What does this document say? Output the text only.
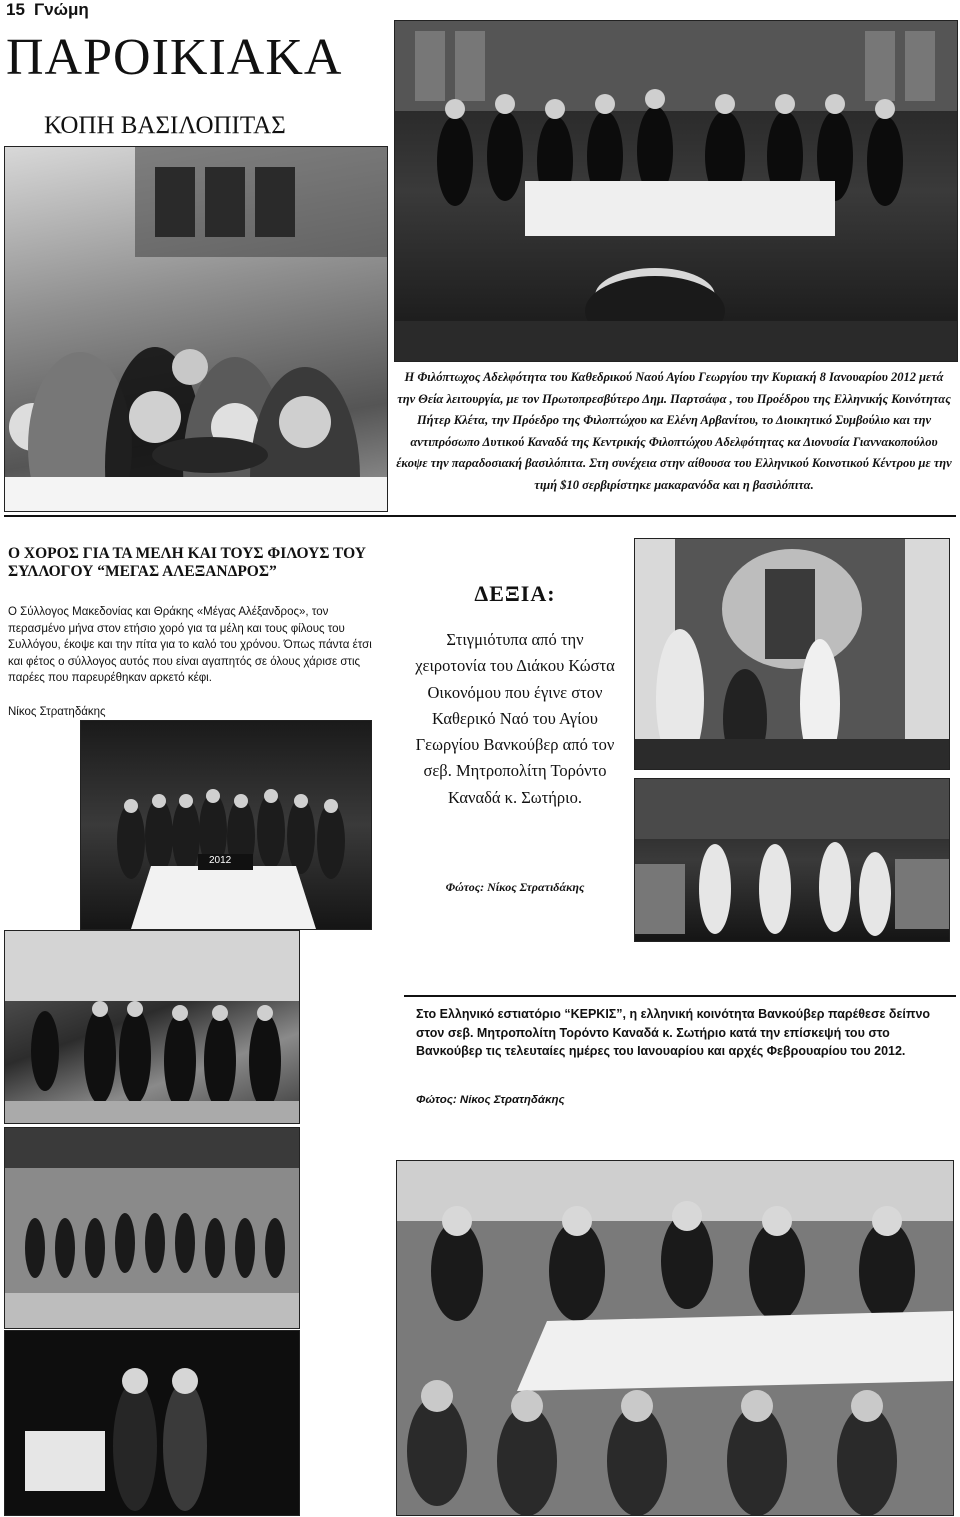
15 Γνώμη
ΠΑΡΟΙΚΙΑΚΑ
ΚΟΠΗ ΒΑΣΙΛΟΠΙΤΑΣ
Η Φιλόπτωχος Αδελφότητα του Καθεδρικού Ναού Αγίου Γεωργίου την Κυριακή 8 Ιανουαρίου 2012 μετά την Θεία λειτουργία, με τον Πρωτοπρεσβύτερο Δημ. Παρτσάφα , του Προέδρου της Ελληνικής Κοινότητας Πήτερ Κλέτα, την Πρόεδρο της Φιλοπτώχου κα Ελένη Αρβανίτου, το Διοικητικό Συμβούλιο και την αντιπρόσωπο Δυτικού Καναδά της Κεντρικής Φιλοπτώχου Αδελφότητας κα Διονυσία Γιαννακοπούλου έκοψε την παραδοσιακή βασιλόπιτα. Στη συνέχεια στην αίθουσα του Ελληνικού Κοινοτικού Κέντρου με την τιμή $10 σερβιρίστηκε μακαρανόδα και η βασιλόπιτα.
Ο ΧΟΡΟΣ ΓΙΑ ΤΑ ΜΕΛΗ ΚΑΙ ΤΟΥΣ ΦΙΛΟΥΣ ΤΟΥ ΣΥΛΛΟΓΟΥ “ΜΕΓΑΣ ΑΛΕΞΑΝΔΡΟΣ”
Ο Σύλλογος Μακεδονίας και Θράκης «Μέγας Αλέξανδρος», τον περασμένο μήνα στον ετήσιο χορό για τα μέλη και τους φίλους του Συλλόγου, έκοψε και την πίτα για το καλό του χρόνου. Όπως πάντα έτσι και φέτος ο σύλλογος αυτός που είναι αγαπητός σε όλους χάρισε στις παρέες που παρευρέθηκαν αρκετό κέφι.
Νίκος Στρατηδάκης
2012
ΔΕΞΙΑ:
Στιγμιότυπα από την χειροτονία του Διάκου Κώστα Οικονόμου που έγινε στον Καθερικό Ναό του Αγίου Γεωργίου Βανκούβερ από τον σεβ. Μητροπολίτη Τορόντο Καναδά κ. Σωτήριο.
Φώτος: Νίκος Στρατιδάκης
Στο Ελληνικό εστιατόριο “ΚΕΡΚΙΣ”, η ελληνική κοινότητα Βανκούβερ παρέθεσε δείπνο στον σεβ. Μητροπολίτη Τορόντο Καναδά κ. Σωτήριο κατά την επίσκεψή του στο Βανκούβερ τις τελευταίες ημέρες του Ιανουαρίου και αρχές Φεβρουαρίου του 2012.
Φώτος: Νίκος Στρατηδάκης
